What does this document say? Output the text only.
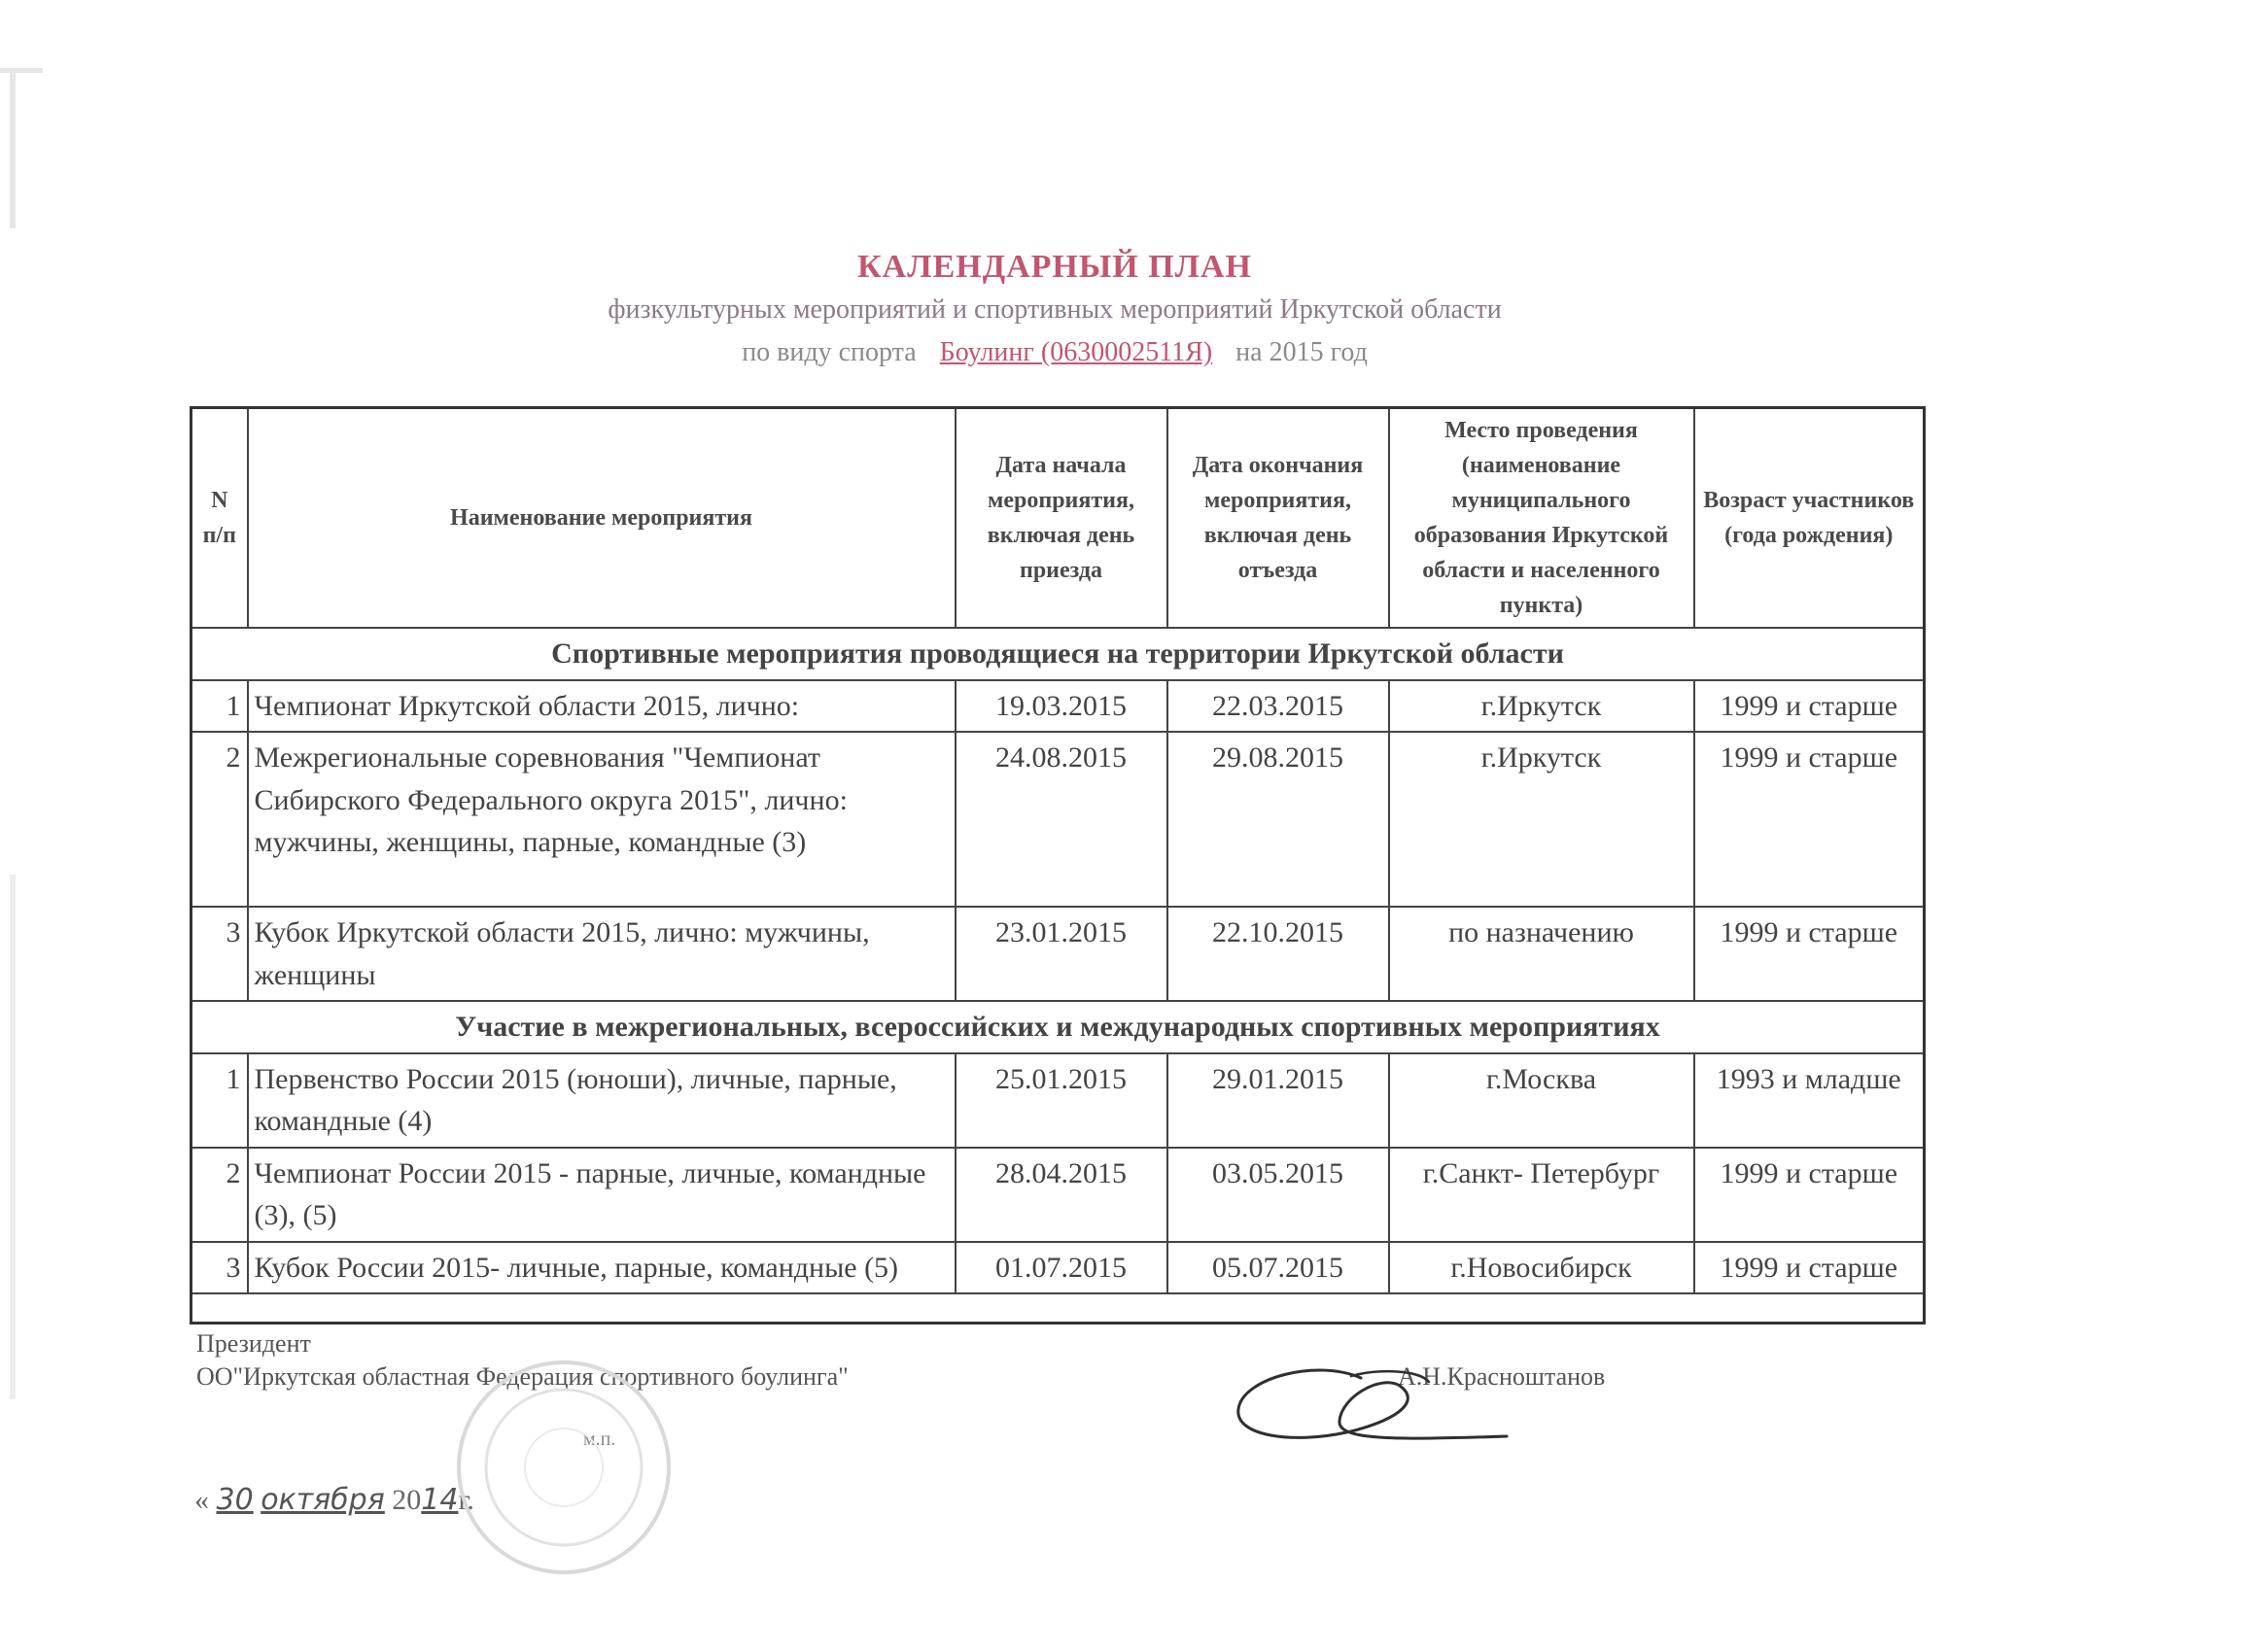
КАЛЕНДАРНЫЙ ПЛАН
физкультурных мероприятий и спортивных мероприятий Иркутской области
по виду спорта Боулинг (0630002511Я) на 2015 год
N п/п	Наименование мероприятия	Дата начала мероприятия, включая день приезда	Дата окончания мероприятия, включая день отъезда	Место проведения (наименование муниципального образования Иркутской области и населенного пункта)	Возраст участников (года рождения)
Спортивные мероприятия проводящиеся на территории Иркутской области					
1	Чемпионат Иркутской области 2015, лично:	19.03.2015	22.03.2015	г.Иркутск	1999 и старше
2	Межрегиональные соревнования "Чемпионат Сибирского Федерального округа 2015", лично: мужчины, женщины, парные, командные (3)	24.08.2015	29.08.2015	г.Иркутск	1999 и старше
3	Кубок Иркутской области 2015, лично: мужчины, женщины	23.01.2015	22.10.2015	по назначению	1999 и старше
Участие в межрегиональных, всероссийских и международных спортивных мероприятиях					
1	Первенство России 2015 (юноши), личные, парные, командные (4)	25.01.2015	29.01.2015	г.Москва	1993 и младше
2	Чемпионат России 2015 - парные, личные, командные (3), (5)	28.04.2015	03.05.2015	г.Санкт- Петербург	1999 и старше
3	Кубок России 2015- личные, парные, командные (5)	01.07.2015	05.07.2015	г.Новосибирск	1999 и старше

Президент
ОО"Иркутская областная Федерация спортивного боулинга"	А.Н.Красноштанов
м.п.
« 30 октября 2014г.
